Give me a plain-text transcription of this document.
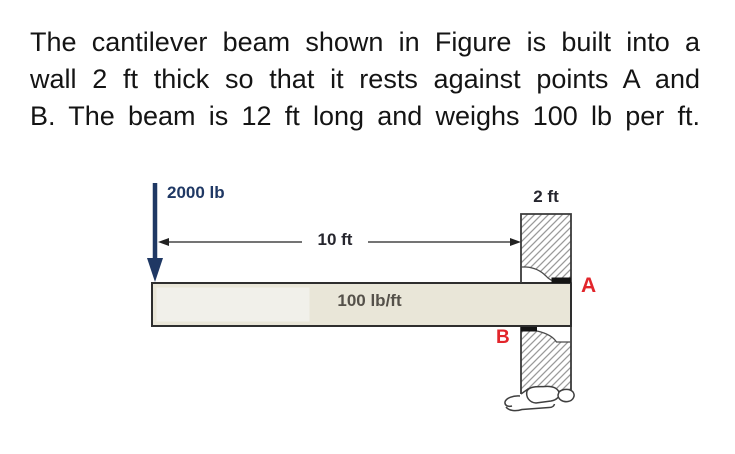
The cantilever beam shown in Figure is built into a
wall 2 ft thick so that it rests against points A and
B. The beam is 12 ft long and weighs 100 lb per ft.
2000 lb	2 ft
10 ft
100 lb/ft
A
B
